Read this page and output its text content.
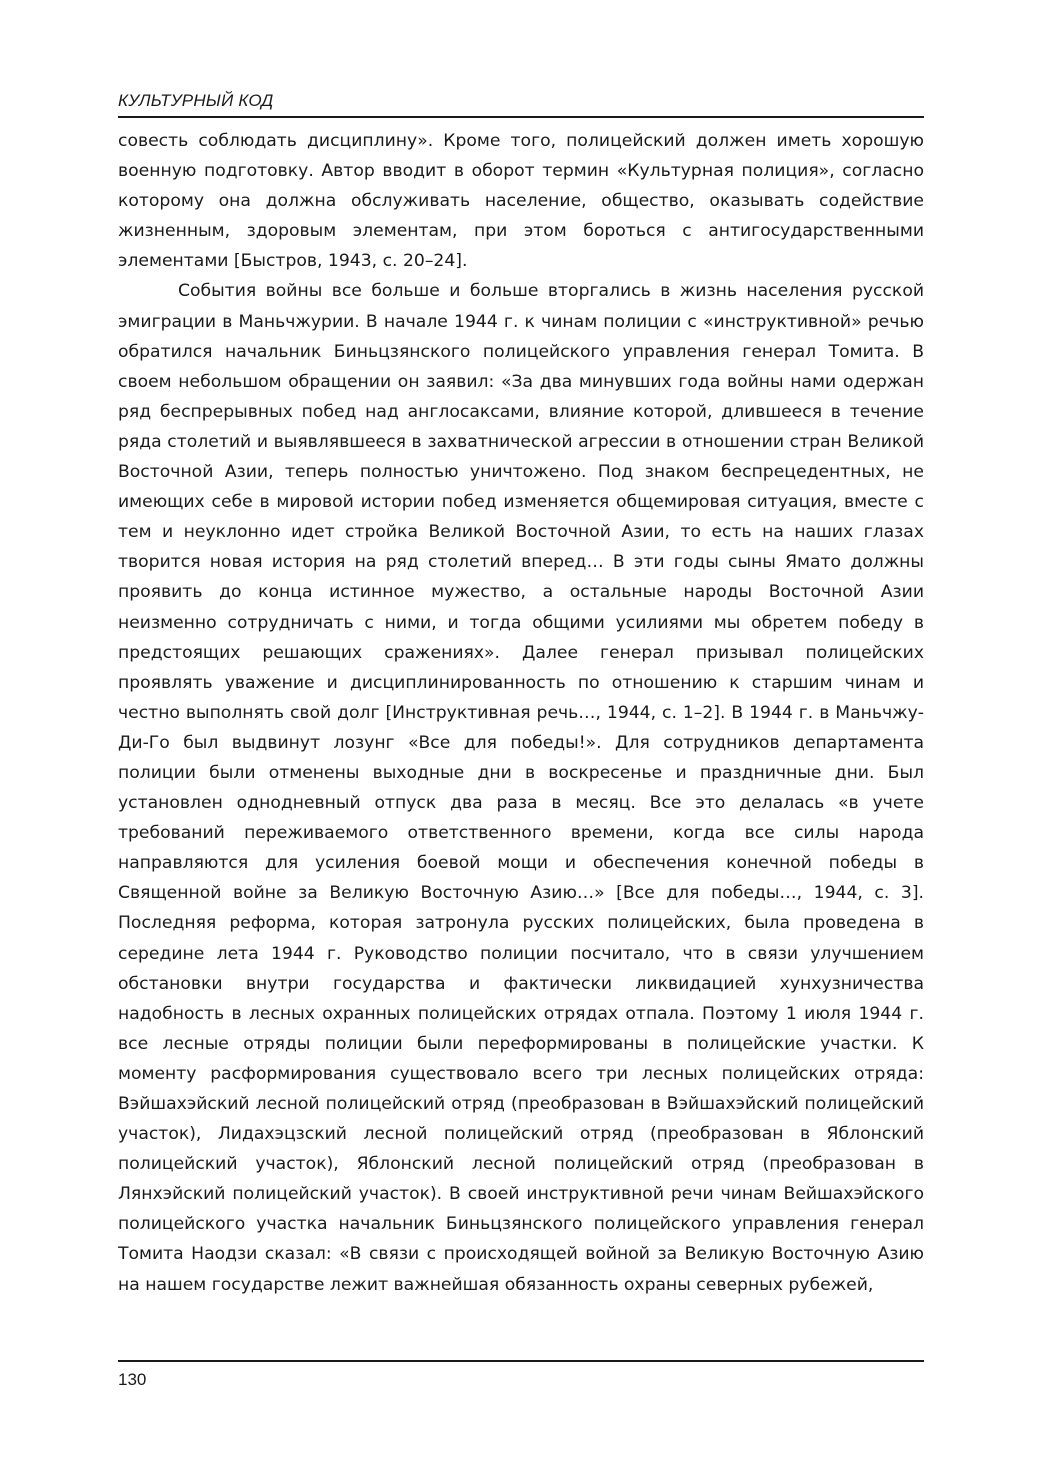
КУЛЬТУРНЫЙ КОД

совесть соблюдать дисциплину». Кроме того, полицейский должен иметь хорошую военную подготовку. Автор вводит в оборот термин «Культурная полиция», согласно которому она должна обслуживать население, общество, оказывать содействие жизненным, здоровым элементам, при этом бороться с антигосударственными элементами [Быстров, 1943, с. 20–24].

События войны все больше и больше вторгались в жизнь населения русской эмиграции в Маньчжурии. В начале 1944 г. к чинам полиции с «инструктивной» речью обратился начальник Биньцзянского полицейского управления генерал Томита. В своем небольшом обращении он заявил: «За два минувших года войны нами одержан ряд беспрерывных побед над англосаксами, влияние которой, длившееся в течение ряда столетий и выявлявшееся в захватнической агрессии в отношении стран Великой Восточной Азии, теперь полностью уничтожено. Под знаком беспрецедентных, не имеющих себе в мировой истории побед изменяется общемировая ситуация, вместе с тем и неуклонно идет стройка Великой Восточной Азии, то есть на наших глазах творится новая история на ряд столетий вперед… В эти годы сыны Ямато должны проявить до конца истинное мужество, а остальные народы Восточной Азии неизменно сотрудничать с ними, и тогда общими усилиями мы обретем победу в предстоящих решающих сражениях». Далее генерал призывал полицейских проявлять уважение и дисциплинированность по отношению к старшим чинам и честно выполнять свой долг [Инструктивная речь…, 1944, с. 1–2]. В 1944 г. в Маньчжу-Ди-Го был выдвинут лозунг «Все для победы!». Для сотрудников департамента полиции были отменены выходные дни в воскресенье и праздничные дни. Был установлен однодневный отпуск два раза в месяц. Все это делалась «в учете требований переживаемого ответственного времени, когда все силы народа направляются для усиления боевой мощи и обеспечения конечной победы в Священной войне за Великую Восточную Азию…» [Все для победы…, 1944, с. 3]. Последняя реформа, которая затронула русских полицейских, была проведена в середине лета 1944 г. Руководство полиции посчитало, что в связи улучшением обстановки внутри государства и фактически ликвидацией хунхузничества надобность в лесных охранных полицейских отрядах отпала. Поэтому 1 июля 1944 г. все лесные отряды полиции были переформированы в полицейские участки. К моменту расформирования существовало всего три лесных полицейских отряда: Вэйшахэйский лесной полицейский отряд (преобразован в Вэйшахэйский полицейский участок), Лидахэцзский лесной полицейский отряд (преобразован в Яблонский полицейский участок), Яблонский лесной полицейский отряд (преобразован в Лянхэйский полицейский участок). В своей инструктивной речи чинам Вейшахэйского полицейского участка начальник Биньцзянского полицейского управления генерал Томита Наодзи сказал: «В связи с происходящей войной за Великую Восточную Азию на нашем государстве лежит важнейшая обязанность охраны северных рубежей,

130
